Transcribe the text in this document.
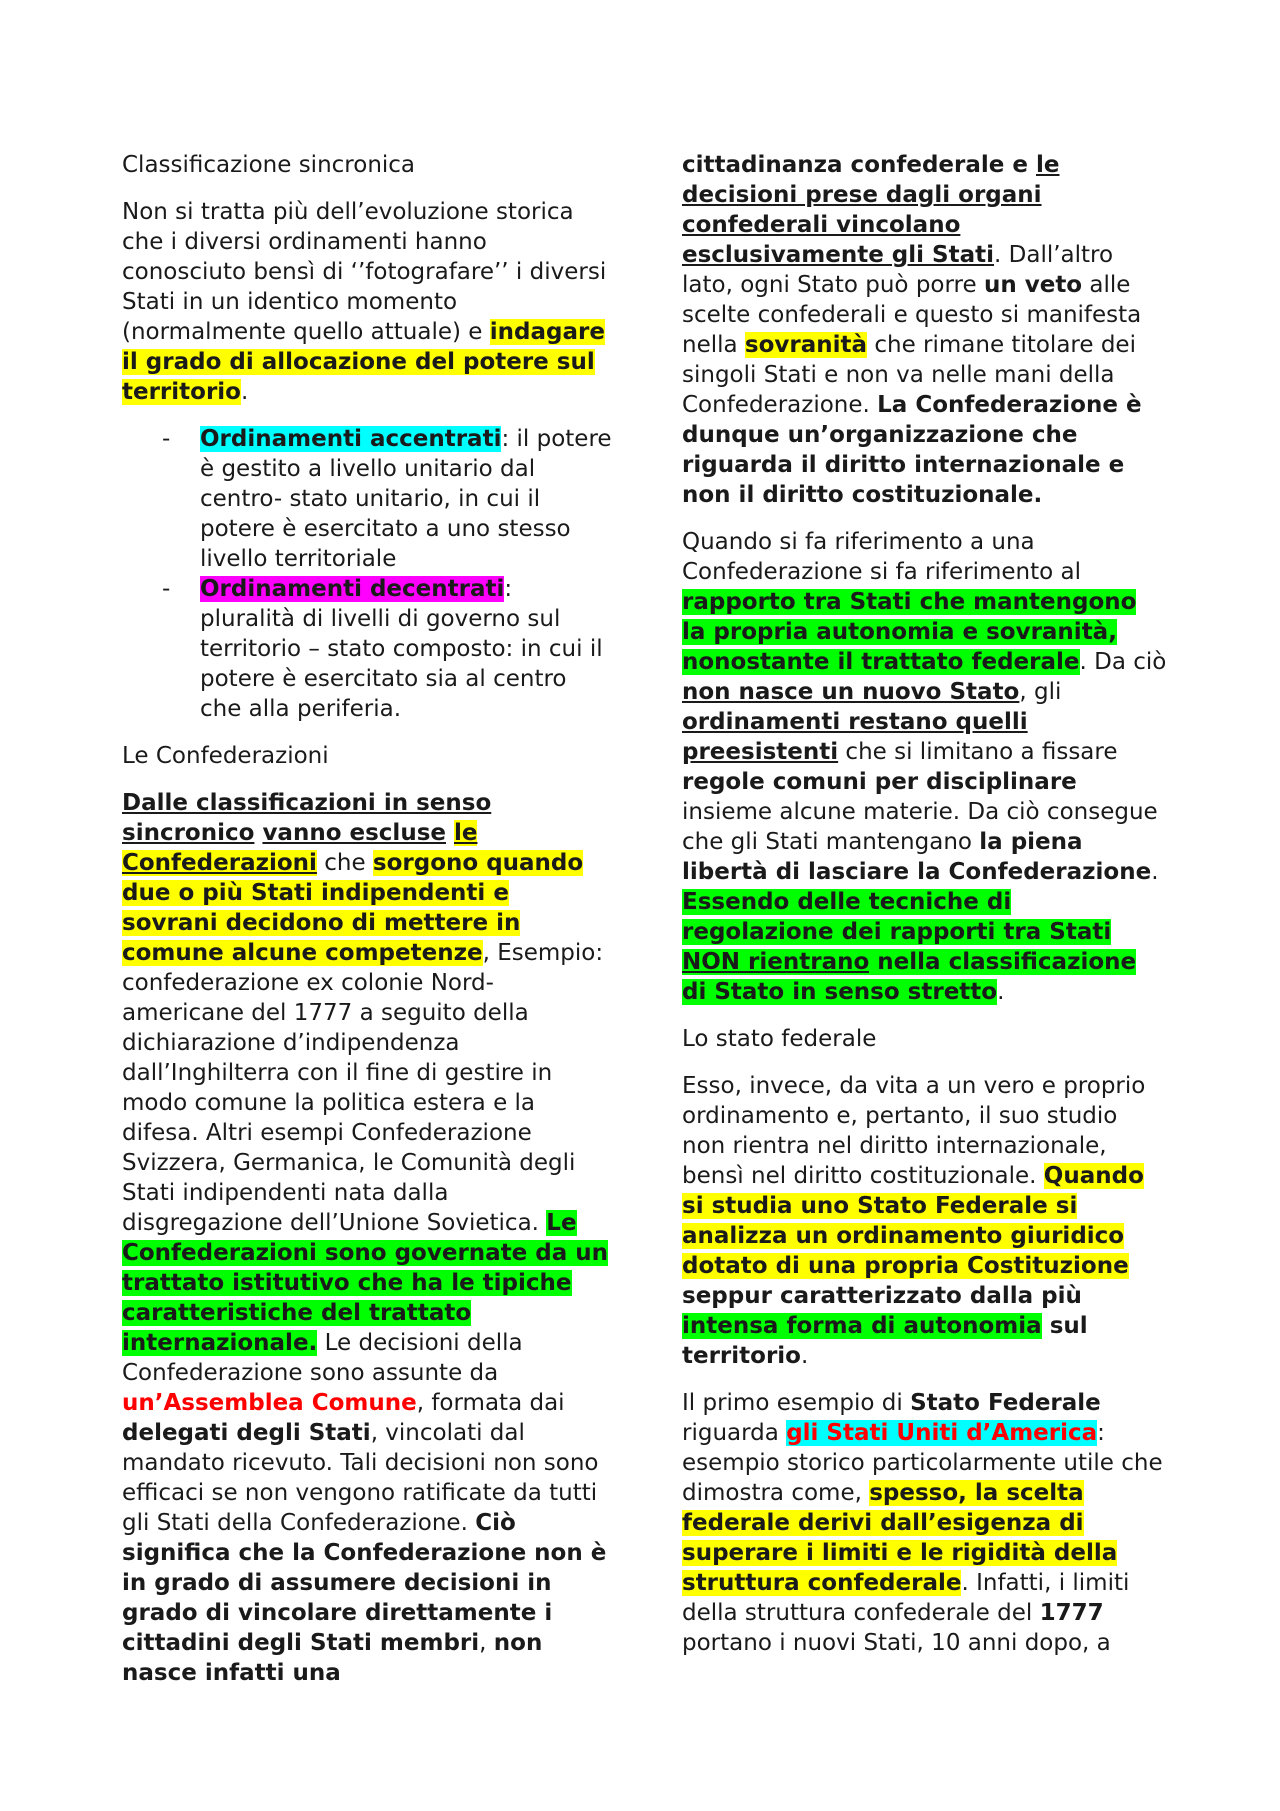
Classificazione sincronica

Non si tratta più dell’evoluzione storica che i diversi ordinamenti hanno conosciuto bensì di ‘’fotografare’’ i diversi Stati in un identico momento (normalmente quello attuale) e indagare il grado di allocazione del potere sul territorio.

- Ordinamenti accentrati: il potere è gestito a livello unitario dal centro- stato unitario, in cui il potere è esercitato a uno stesso livello territoriale
- Ordinamenti decentrati: pluralità di livelli di governo sul territorio – stato composto: in cui il potere è esercitato sia al centro che alla periferia.

Le Confederazioni

Dalle classificazioni in senso sincronico vanno escluse le Confederazioni che sorgono quando due o più Stati indipendenti e sovrani decidono di mettere in comune alcune competenze, Esempio: confederazione ex colonie Nord-americane del 1777 a seguito della dichiarazione d’indipendenza dall’Inghilterra con il fine di gestire in modo comune la politica estera e la difesa. Altri esempi Confederazione Svizzera, Germanica, le Comunità degli Stati indipendenti nata dalla disgregazione dell’Unione Sovietica. Le Confederazioni sono governate da un trattato istitutivo che ha le tipiche caratteristiche del trattato internazionale. Le decisioni della Confederazione sono assunte da un’Assemblea Comune, formata dai delegati degli Stati, vincolati dal mandato ricevuto. Tali decisioni non sono efficaci se non vengono ratificate da tutti gli Stati della Confederazione. Ciò significa che la Confederazione non è in grado di assumere decisioni in grado di vincolare direttamente i cittadini degli Stati membri, non nasce infatti una

cittadinanza confederale e le decisioni prese dagli organi confederali vincolano esclusivamente gli Stati. Dall’altro lato, ogni Stato può porre un veto alle scelte confederali e questo si manifesta nella sovranità che rimane titolare dei singoli Stati e non va nelle mani della Confederazione. La Confederazione è dunque un’organizzazione che riguarda il diritto internazionale e non il diritto costituzionale.

Quando si fa riferimento a una Confederazione si fa riferimento al rapporto tra Stati che mantengono la propria autonomia e sovranità, nonostante il trattato federale. Da ciò non nasce un nuovo Stato, gli ordinamenti restano quelli preesistenti che si limitano a fissare regole comuni per disciplinare insieme alcune materie. Da ciò consegue che gli Stati mantengano la piena libertà di lasciare la Confederazione. Essendo delle tecniche di regolazione dei rapporti tra Stati NON rientrano nella classificazione di Stato in senso stretto.

Lo stato federale

Esso, invece, da vita a un vero e proprio ordinamento e, pertanto, il suo studio non rientra nel diritto internazionale, bensì nel diritto costituzionale. Quando si studia uno Stato Federale si analizza un ordinamento giuridico dotato di una propria Costituzione seppur caratterizzato dalla più intensa forma di autonomia sul territorio.

Il primo esempio di Stato Federale riguarda gli Stati Uniti d’America: esempio storico particolarmente utile che dimostra come, spesso, la scelta federale derivi dall’esigenza di superare i limiti e le rigidità della struttura confederale. Infatti, i limiti della struttura confederale del 1777 portano i nuovi Stati, 10 anni dopo, a
